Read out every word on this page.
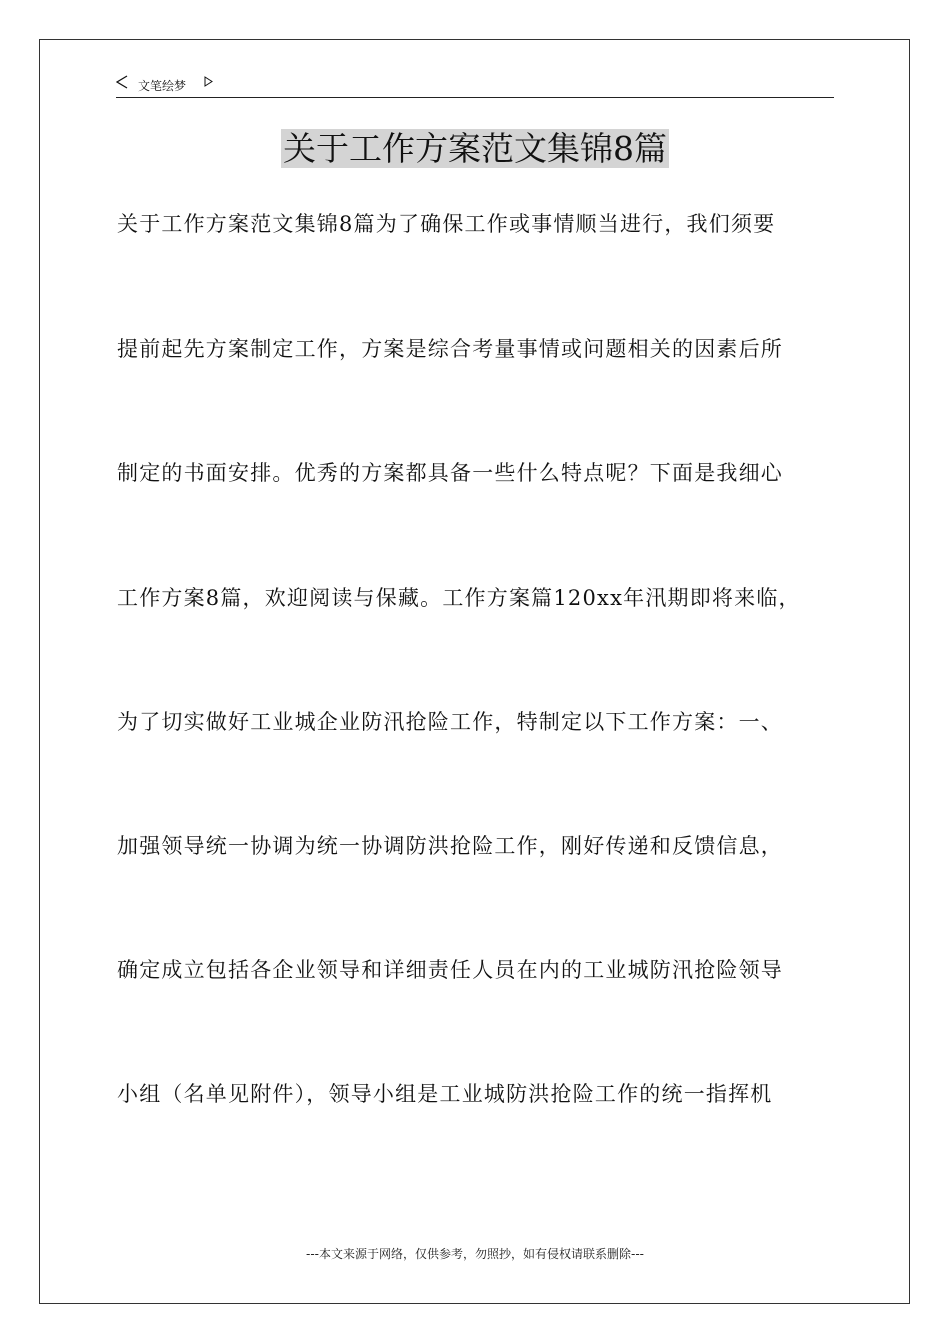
文笔绘梦
关于工作方案范文集锦8篇

关于工作方案范文集锦8篇为了确保工作或事情顺当进行，我们须要

提前起先方案制定工作，方案是综合考量事情或问题相关的因素后所

制定的书面安排。优秀的方案都具备一些什么特点呢？下面是我细心

工作方案8篇，欢迎阅读与保藏。工作方案篇120xx年汛期即将来临，

为了切实做好工业城企业防汛抢险工作，特制定以下工作方案：一、

加强领导统一协调为统一协调防洪抢险工作，刚好传递和反馈信息，

确定成立包括各企业领导和详细责任人员在内的工业城防汛抢险领导

小组（名单见附件），领导小组是工业城防洪抢险工作的统一指挥机

---本文来源于网络，仅供参考，勿照抄，如有侵权请联系删除---
